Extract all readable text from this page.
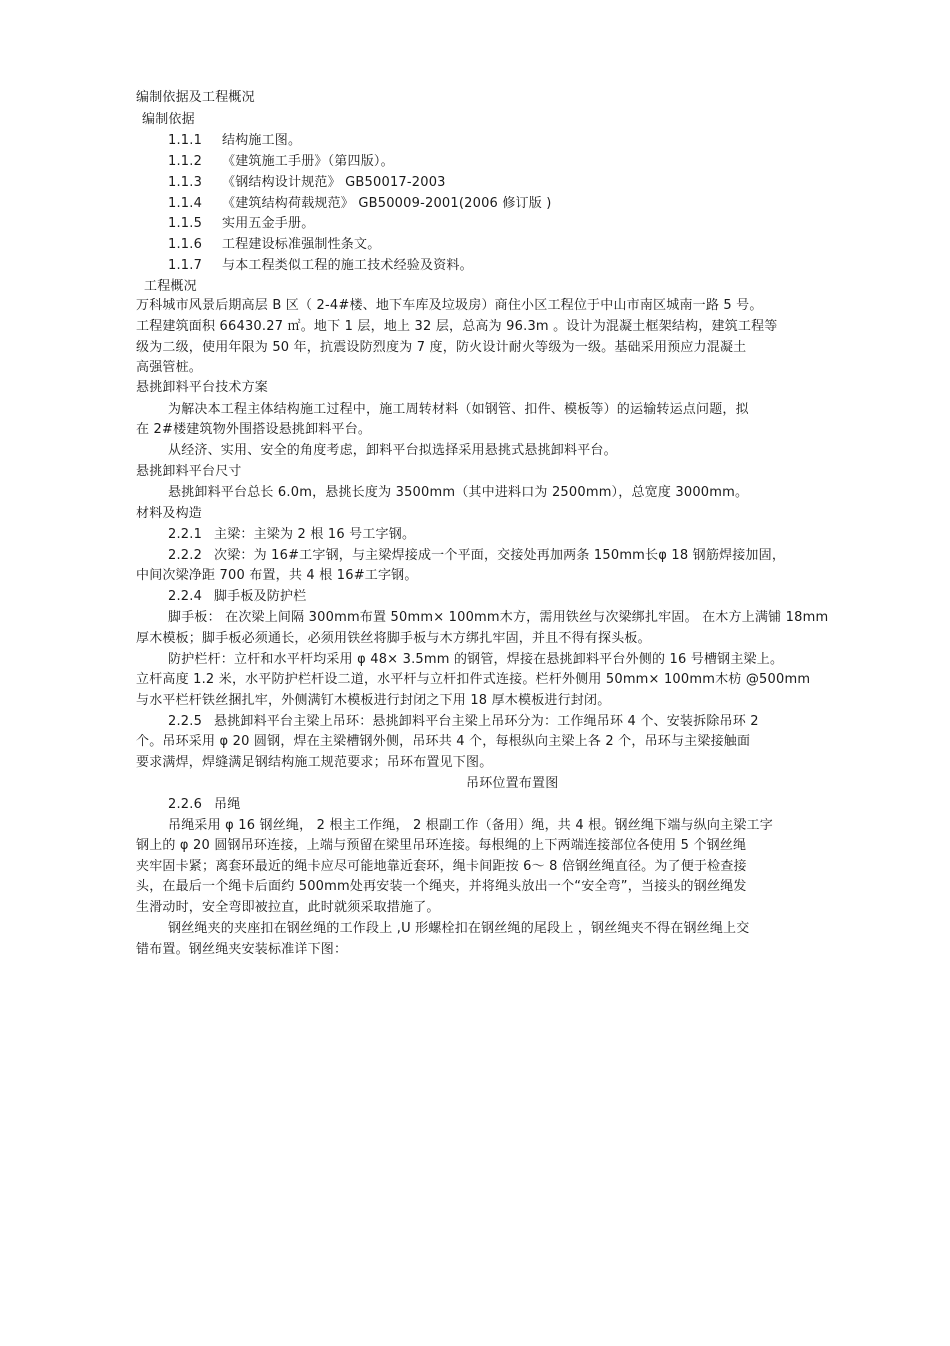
编制依据及工程概况
编制依据
1.1.1 结构施工图。
1.1.2 《建筑施工手册》（第四版）。
1.1.3 《钢结构设计规范》 GB50017-2003
1.1.4 《建筑结构荷载规范》 GB50009-2001(2006 修订版 )
1.1.5 实用五金手册。
1.1.6 工程建设标准强制性条文。
1.1.7 与本工程类似工程的施工技术经验及资料。
工程概况
万科城市风景后期高层 B 区（ 2-4#楼、地下车库及垃圾房）商住小区工程位于中山市南区城南一路 5 号。
工程建筑面积 66430.27 ㎡。地下 1 层，地上 32 层，总高为 96.3m 。设计为混凝土框架结构，建筑工程等
级为二级，使用年限为 50 年，抗震设防烈度为 7 度，防火设计耐火等级为一级。基础采用预应力混凝土
高强管桩。
悬挑卸料平台技术方案
为解决本工程主体结构施工过程中，施工周转材料（如钢管、扣件、模板等）的运输转运点问题，拟
在 2#楼建筑物外围搭设悬挑卸料平台。
从经济、实用、安全的角度考虑，卸料平台拟选择采用悬挑式悬挑卸料平台。
悬挑卸料平台尺寸
悬挑卸料平台总长 6.0m，悬挑长度为 3500mm（其中进料口为 2500mm），总宽度 3000mm。
材料及构造
2.2.1 主梁：主梁为 2 根 16 号工字钢。
2.2.2 次梁：为 16#工字钢，与主梁焊接成一个平面，交接处再加两条 150mm长φ 18 钢筋焊接加固，
中间次梁净距 700 布置，共 4 根 16#工字钢。
2.2.4 脚手板及防护栏
脚手板： 在次梁上间隔 300mm布置 50mm× 100mm木方，需用铁丝与次梁绑扎牢固。 在木方上满铺 18mm
厚木模板；脚手板必须通长，必须用铁丝将脚手板与木方绑扎牢固，并且不得有探头板。
防护栏杆：立杆和水平杆均采用 φ 48× 3.5mm 的钢管，焊接在悬挑卸料平台外侧的 16 号槽钢主梁上。
立杆高度 1.2 米，水平防护栏杆设二道，水平杆与立杆扣件式连接。栏杆外侧用 50mm× 100mm木枋 @500mm
与水平栏杆铁丝捆扎牢，外侧满钉木模板进行封闭之下用 18 厚木模板进行封闭。
2.2.5 悬挑卸料平台主梁上吊环：悬挑卸料平台主梁上吊环分为：工作绳吊环 4 个、安装拆除吊环 2
个。吊环采用 φ 20 圆钢，焊在主梁槽钢外侧，吊环共 4 个，每根纵向主梁上各 2 个，吊环与主梁接触面
要求满焊，焊缝满足钢结构施工规范要求；吊环布置见下图。
吊环位置布置图
2.2.6 吊绳
吊绳采用 φ 16 钢丝绳， 2 根主工作绳， 2 根副工作（备用）绳，共 4 根。钢丝绳下端与纵向主梁工字
钢上的 φ 20 圆钢吊环连接，上端与预留在梁里吊环连接。每根绳的上下两端连接部位各使用 5 个钢丝绳
夹牢固卡紧；离套环最近的绳卡应尽可能地靠近套环，绳卡间距按 6～ 8 倍钢丝绳直径。为了便于检查接
头，在最后一个绳卡后面约 500mm处再安装一个绳夹，并将绳头放出一个“安全弯”，当接头的钢丝绳发
生滑动时，安全弯即被拉直，此时就须采取措施了。
钢丝绳夹的夹座扣在钢丝绳的工作段上 ,U 形螺栓扣在钢丝绳的尾段上 ，钢丝绳夹不得在钢丝绳上交
错布置。钢丝绳夹安装标准详下图：
